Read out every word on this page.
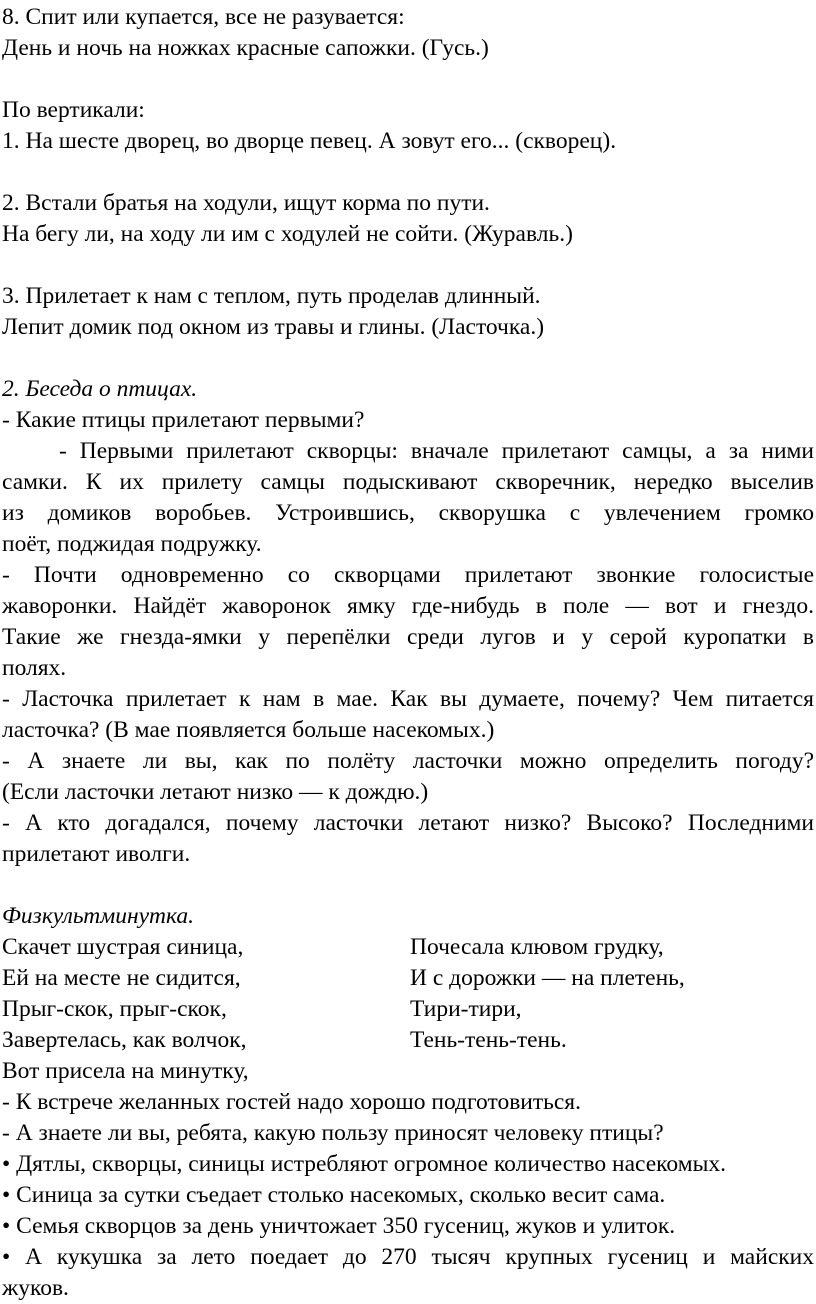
8. Спит или купается, все не разувается:
День и ночь на ножках красные сапожки. (Гусь.)
По вертикали:
1. На шесте дворец, во дворце певец. А зовут его... (скворец).
2. Встали братья на ходули, ищут корма по пути.
На бегу ли, на ходу ли им с ходулей не сойти. (Журавль.)
3. Прилетает к нам с теплом, путь проделав длинный.
Лепит домик под окном из травы и глины. (Ласточка.)
2. Беседа о птицах.
- Какие птицы прилетают первыми?
- Первыми прилетают скворцы: вначале прилетают самцы, а за ними
самки. К их прилету самцы подыскивают скворечник, нередко выселив
из домиков воробьев. Устроившись, скворушка с увлечением громко
поёт, поджидая подружку.
- Почти одновременно со скворцами прилетают звонкие голосистые
жаворонки. Найдёт жаворонок ямку где-нибудь в поле — вот и гнездо.
Такие же гнезда-ямки у перепёлки среди лугов и у серой куропатки в
полях.
- Ласточка прилетает к нам в мае. Как вы думаете, почему? Чем питается
ласточка? (В мае появляется больше насекомых.)
- А знаете ли вы, как по полёту ласточки можно определить погоду?
(Если ласточки летают низко — к дождю.)
- А кто догадался, почему ласточки летают низко? Высоко? Последними
прилетают иволги.
Физкультминутка.
Скачет шустрая синица,	Почесала клювом грудку,
Ей на месте не сидится,	И с дорожки — на плетень,
Прыг-скок, прыг-скок,	Тири-тири,
Завертелась, как волчок,	Тень-тень-тень.
Вот присела на минутку,
- К встрече желанных гостей надо хорошо подготовиться.
- А знаете ли вы, ребята, какую пользу приносят человеку птицы?
• Дятлы, скворцы, синицы истребляют огромное количество насекомых.
• Синица за сутки съедает столько насекомых, сколько весит сама.
• Семья скворцов за день уничтожает 350 гусениц, жуков и улиток.
• А кукушка за лето поедает до 270 тысяч крупных гусениц и майских
жуков.
